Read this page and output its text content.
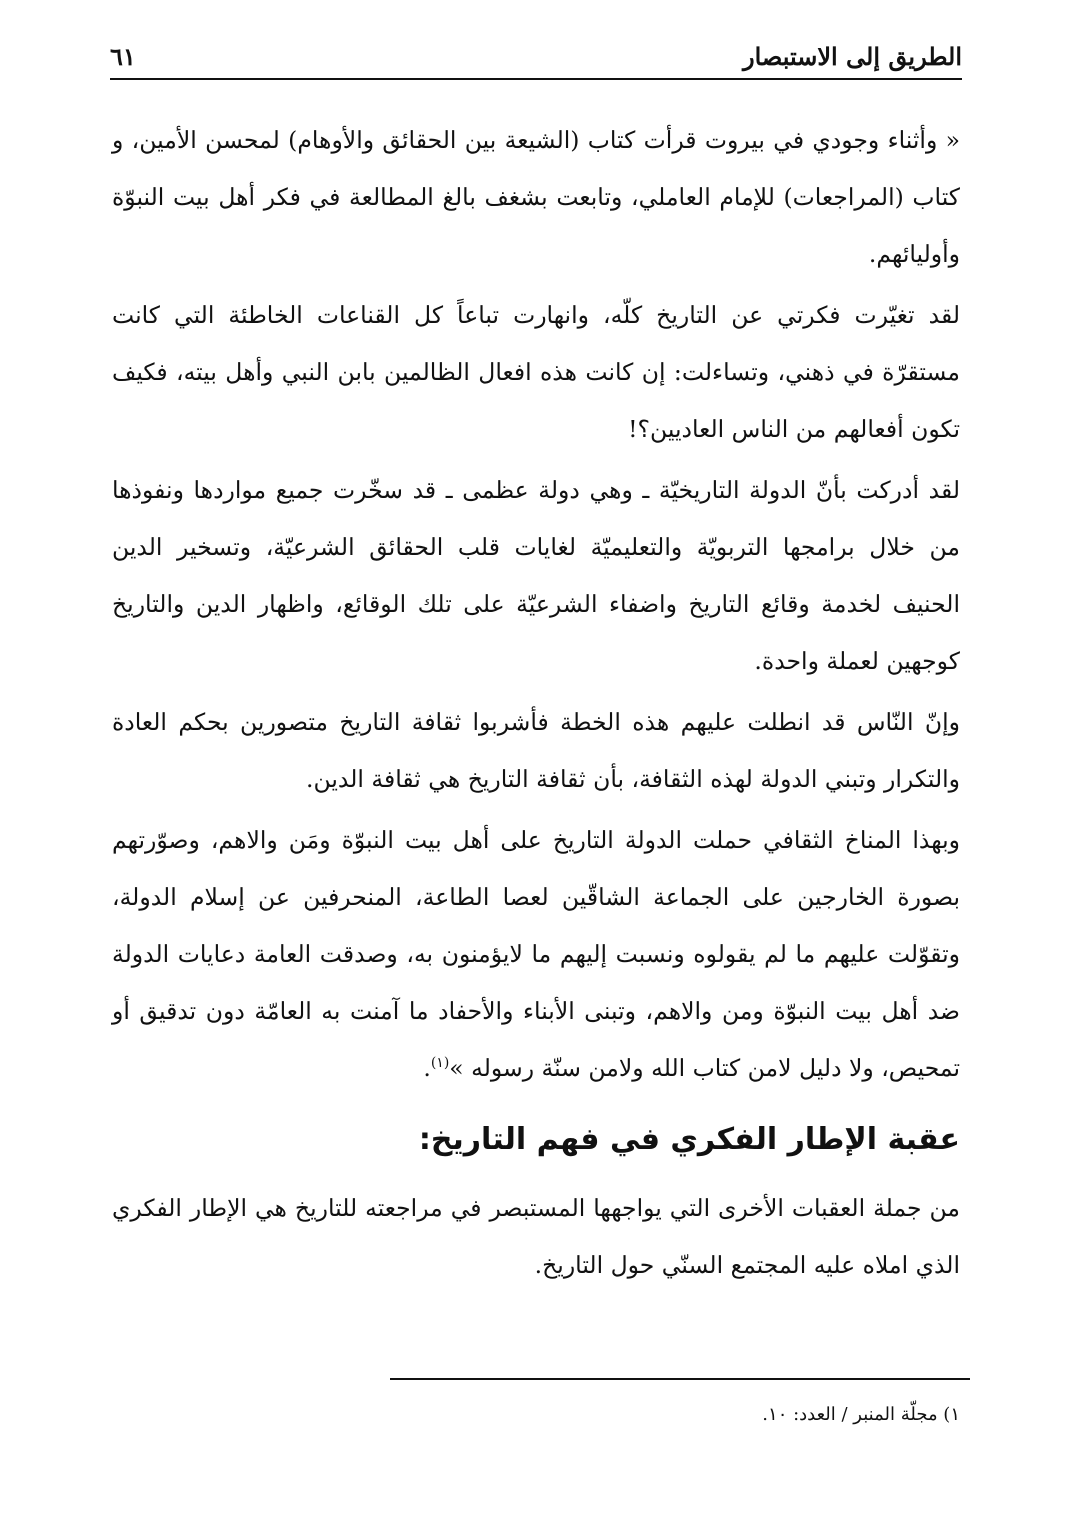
الطريق إلى الاستبصار
٦١

« وأثناء وجودي في بيروت قرأت كتاب (الشيعة بين الحقائق والأوهام) لمحسن الأمين، و كتاب (المراجعات) للإمام العاملي، وتابعت بشغف بالغ المطالعة في فكر أهل بيت النبوّة وأوليائهم.

لقد تغيّرت فكرتي عن التاريخ كلّه، وانهارت تباعاً كل القناعات الخاطئة التي كانت مستقرّة في ذهني، وتساءلت: إن كانت هذه افعال الظالمين بابن النبي وأهل بيته، فكيف تكون أفعالهم من الناس العاديين؟!

لقد أدركت بأنّ الدولة التاريخيّة ـ وهي دولة عظمى ـ قد سخّرت جميع مواردها ونفوذها من خلال برامجها التربويّة والتعليميّة لغايات قلب الحقائق الشرعيّة، وتسخير الدين الحنيف لخدمة وقائع التاريخ واضفاء الشرعيّة على تلك الوقائع، واظهار الدين والتاريخ كوجهين لعملة واحدة.

وإنّ النّاس قد انطلت عليهم هذه الخطة فأشربوا ثقافة التاريخ متصورين بحكم العادة والتكرار وتبني الدولة لهذه الثقافة، بأن ثقافة التاريخ هي ثقافة الدين.

وبهذا المناخ الثقافي حملت الدولة التاريخ على أهل بيت النبوّة ومَن والاهم، وصوّرتهم بصورة الخارجين على الجماعة الشاقّين لعصا الطاعة، المنحرفين عن إسلام الدولة، وتقوّلت عليهم ما لم يقولوه ونسبت إليهم ما لايؤمنون به، وصدقت العامة دعايات الدولة ضد أهل بيت النبوّة ومن والاهم، وتبنى الأبناء والأحفاد ما آمنت به العامّة دون تدقيق أو تمحيص، ولا دليل لامن كتاب الله ولامن سنّة رسوله »$^{(١)}$.

عقبة الإطار الفكري في فهم التاريخ:

من جملة العقبات الأخرى التي يواجهها المستبصر في مراجعته للتاريخ هي الإطار الفكري الذي املاه عليه المجتمع السنّي حول التاريخ.

١) مجلّة المنبر / العدد: ١٠.
